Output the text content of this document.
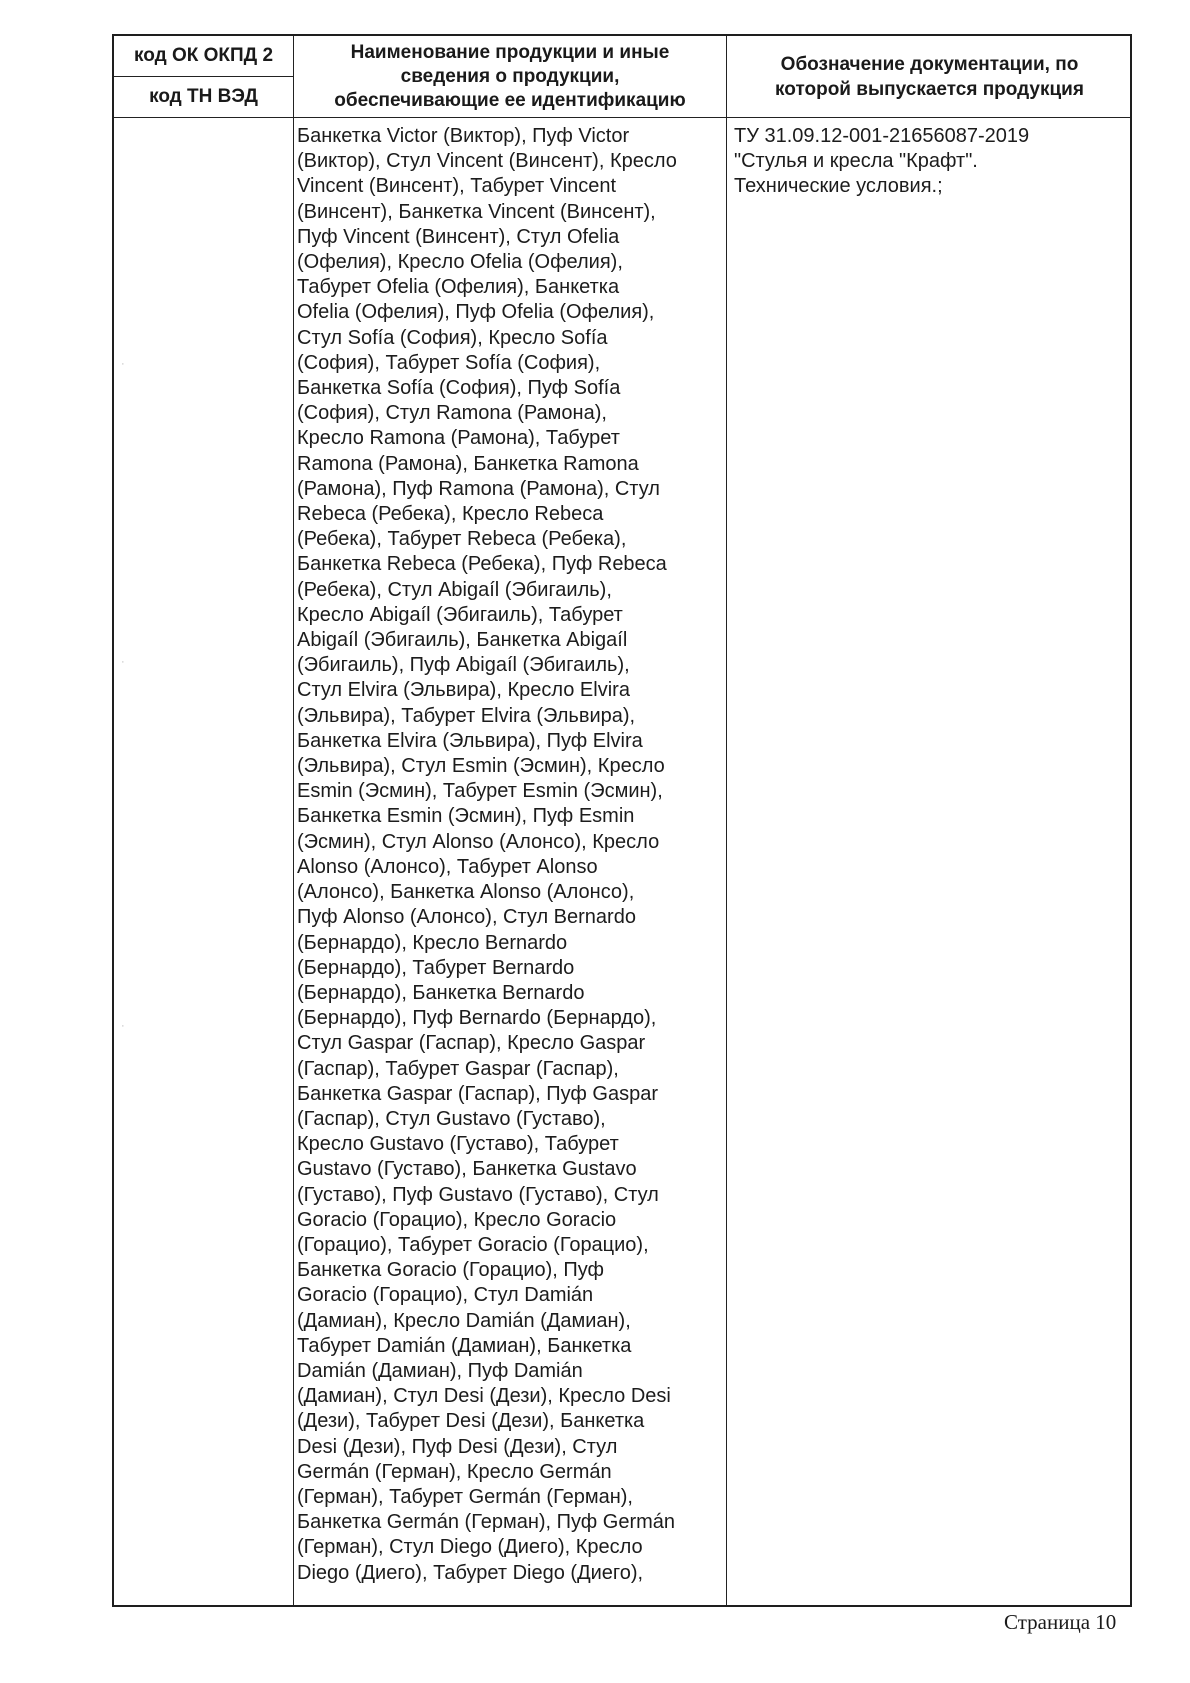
код ОК ОКПД 2
код ТН ВЭД
Наименование продукции и иные
сведения о продукции,
обеспечивающие ее идентификацию
Обозначение документации, по
которой выпускается продукция
Банкетка Victor (Виктор), Пуф Victor
(Виктор), Стул Vincent (Винсент), Кресло
Vincent (Винсент), Табурет Vincent
(Винсент), Банкетка Vincent (Винсент),
Пуф Vincent (Винсент), Стул Ofelia
(Офелия), Кресло Ofelia (Офелия),
Табурет Ofelia (Офелия), Банкетка
Ofelia (Офелия), Пуф Ofelia (Офелия),
Стул Sofía (София), Кресло Sofía
(София), Табурет Sofía (София),
Банкетка Sofía (София), Пуф Sofía
(София), Стул Ramona (Рамона),
Кресло Ramona (Рамона), Табурет
Ramona (Рамона), Банкетка Ramona
(Рамона), Пуф Ramona (Рамона), Стул
Rebeca (Ребека), Кресло Rebeca
(Ребека), Табурет Rebeca (Ребека),
Банкетка Rebeca (Ребека), Пуф Rebeca
(Ребека), Стул Abigaíl (Эбигаиль),
Кресло Abigaíl (Эбигаиль), Табурет
Abigaíl (Эбигаиль), Банкетка Abigaíl
(Эбигаиль), Пуф Abigaíl (Эбигаиль),
Стул Elvira (Эльвира), Кресло Elvira
(Эльвира), Табурет Elvira (Эльвира),
Банкетка Elvira (Эльвира), Пуф Elvira
(Эльвира), Стул Esmin (Эсмин), Кресло
Esmin (Эсмин), Табурет Esmin (Эсмин),
Банкетка Esmin (Эсмин), Пуф Esmin
(Эсмин), Стул Alonso (Алонсо), Кресло
Alonso (Алонсо), Табурет Alonso
(Алонсо), Банкетка Alonso (Алонсо),
Пуф Alonso (Алонсо), Стул Bernardo
(Бернардо), Кресло Bernardo
(Бернардо), Табурет Bernardo
(Бернардо), Банкетка Bernardo
(Бернардо), Пуф Bernardo (Бернардо),
Стул Gaspar (Гаспар), Кресло Gaspar
(Гаспар), Табурет Gaspar (Гаспар),
Банкетка Gaspar (Гаспар), Пуф Gaspar
(Гаспар), Стул Gustavo (Густаво),
Кресло Gustavo (Густаво), Табурет
Gustavo (Густаво), Банкетка Gustavo
(Густаво), Пуф Gustavo (Густаво), Стул
Goracio (Горацио), Кресло Goracio
(Горацио), Табурет Goracio (Горацио),
Банкетка Goracio (Горацио), Пуф
Goracio (Горацио), Стул Damián
(Дамиан), Кресло Damián (Дамиан),
Табурет Damián (Дамиан), Банкетка
Damián (Дамиан), Пуф Damián
(Дамиан), Стул Desi (Дези), Кресло Desi
(Дези), Табурет Desi (Дези), Банкетка
Desi (Дези), Пуф Desi (Дези), Стул
Germán (Герман), Кресло Germán
(Герман), Табурет Germán (Герман),
Банкетка Germán (Герман), Пуф Germán
(Герман), Стул Diego (Диего), Кресло
Diego (Диего), Табурет Diego (Диего),
ТУ 31.09.12-001-21656087-2019
"Стулья и кресла "Крафт".
Технические условия.;
·
·
·
Страница 10
